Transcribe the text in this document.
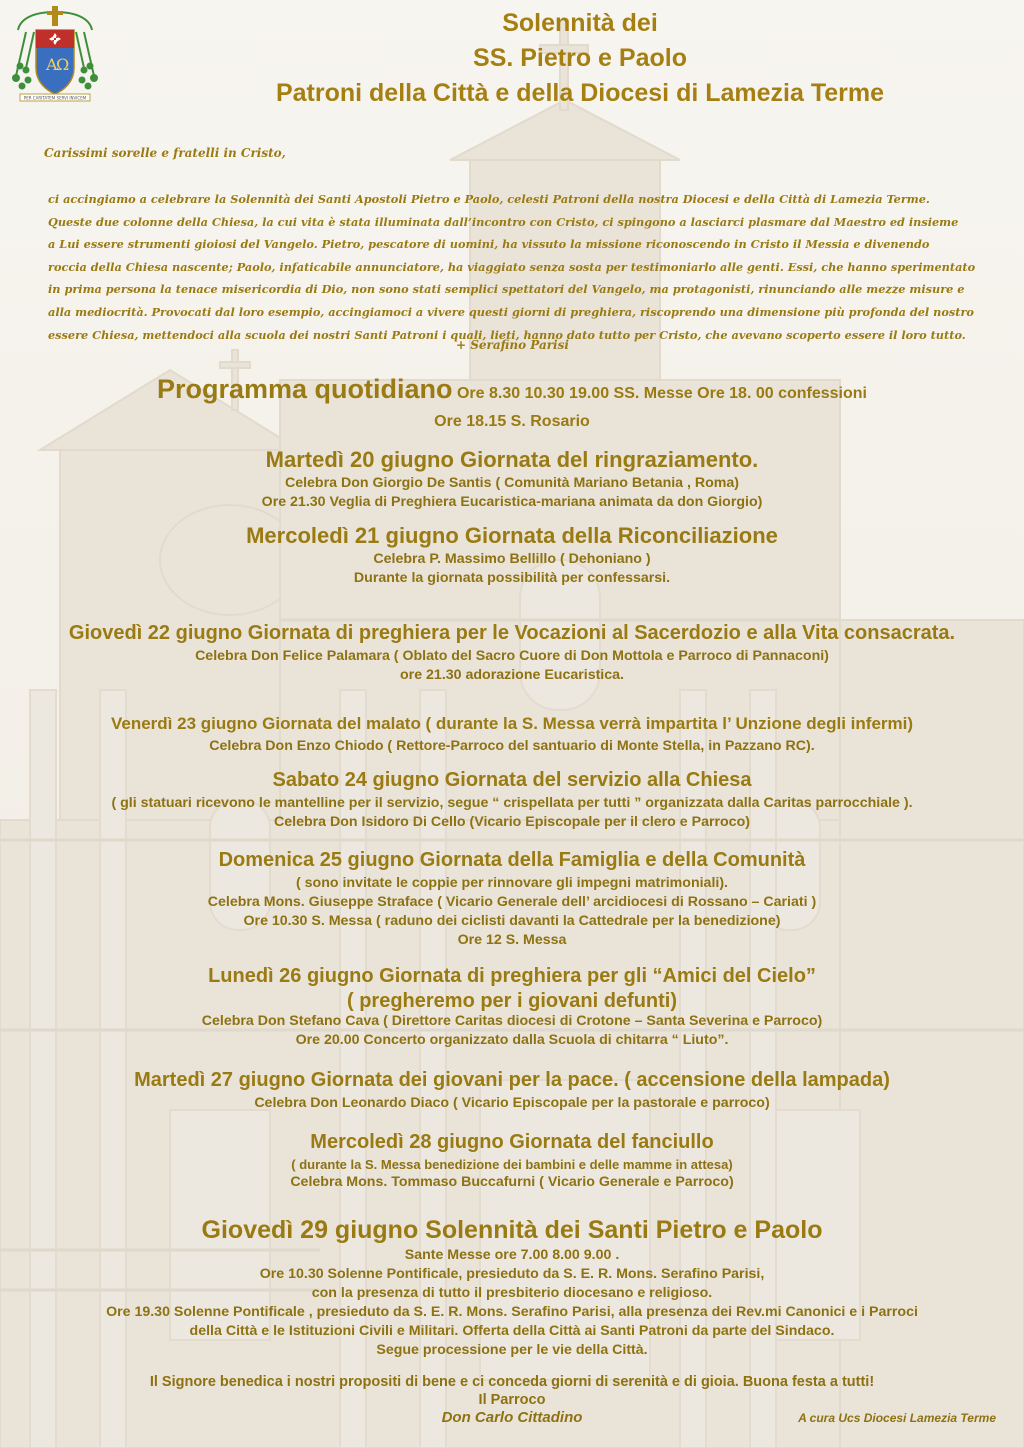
A
Ω
PER CARITATEM SERVI INVICEM
Solennità dei
SS. Pietro e Paolo
Patroni della Città e della Diocesi di Lamezia Terme
Carissimi sorelle e fratelli in Cristo,

ci accingiamo a celebrare la Solennità dei Santi Apostoli Pietro e Paolo, celesti Patroni della nostra Diocesi e della Città di Lamezia Terme.

Queste due colonne della Chiesa, la cui vita è stata illuminata dall’incontro con Cristo, ci spingono a lasciarci plasmare dal Maestro ed insieme

a Lui essere strumenti gioiosi del Vangelo. Pietro, pescatore di uomini, ha vissuto la missione riconoscendo in Cristo il Messia e divenendo

roccia della Chiesa nascente; Paolo, infaticabile annunciatore, ha viaggiato senza sosta per testimoniarlo alle genti. Essi, che hanno sperimentato

in prima persona la tenace misericordia di Dio, non sono stati semplici spettatori del Vangelo, ma protagonisti, rinunciando alle mezze misure e

alla mediocrità. Provocati dal loro esempio, accingiamoci a vivere questi giorni di preghiera, riscoprendo una dimensione più profonda del nostro

essere Chiesa, mettendoci alla scuola dei nostri Santi Patroni i quali, lieti, hanno dato tutto per Cristo, che avevano scoperto essere il loro tutto.

+ Serafino Parisi
Programma quotidiano Ore 8.30 10.30 19.00 SS. Messe Ore 18. 00 confessioni
Ore 18.15 S. Rosario
Martedì 20 giugno Giornata del ringraziamento.
Celebra Don Giorgio De Santis ( Comunità Mariano Betania , Roma)
Ore 21.30 Veglia di Preghiera Eucaristica-mariana animata da don Giorgio)
Mercoledì 21 giugno Giornata della Riconciliazione
Celebra P. Massimo Bellillo ( Dehoniano )
Durante la giornata possibilità per confessarsi.
Giovedì 22 giugno Giornata di preghiera per le Vocazioni al Sacerdozio e alla Vita consacrata.
Celebra Don Felice Palamara ( Oblato del Sacro Cuore di Don Mottola e Parroco di Pannaconi)
ore 21.30 adorazione Eucaristica.
Venerdì 23 giugno Giornata del malato ( durante la S. Messa verrà impartita l’ Unzione degli infermi)
Celebra Don Enzo Chiodo ( Rettore-Parroco del santuario di Monte Stella, in Pazzano RC).
Sabato 24 giugno Giornata del servizio alla Chiesa
( gli statuari ricevono le mantelline per il servizio, segue “ crispellata per tutti ” organizzata dalla Caritas parrocchiale ).
Celebra Don Isidoro Di Cello (Vicario Episcopale per il clero e Parroco)
Domenica 25 giugno Giornata della Famiglia e della Comunità
( sono invitate le coppie per rinnovare gli impegni matrimoniali).
Celebra Mons. Giuseppe Straface ( Vicario Generale dell’ arcidiocesi di Rossano – Cariati )
Ore 10.30 S. Messa ( raduno dei ciclisti davanti la Cattedrale per la benedizione)
Ore 12 S. Messa
Lunedì 26 giugno Giornata di preghiera per gli “Amici del Cielo”
( pregheremo per i giovani defunti)
Celebra Don Stefano Cava ( Direttore Caritas diocesi di Crotone – Santa Severina e Parroco)
Ore 20.00 Concerto organizzato dalla Scuola di chitarra “ Liuto”.
Martedì 27 giugno Giornata dei giovani per la pace. ( accensione della lampada)
Celebra Don Leonardo Diaco ( Vicario Episcopale per la pastorale e parroco)
Mercoledì 28 giugno Giornata del fanciullo
( durante la S. Messa benedizione dei bambini e delle mamme in attesa)
Celebra Mons. Tommaso Buccafurni ( Vicario Generale e Parroco)
Giovedì 29 giugno Solennità dei Santi Pietro e Paolo
Sante Messe ore 7.00 8.00 9.00 .
Ore 10.30 Solenne Pontificale, presieduto da S. E. R. Mons. Serafino Parisi,
con la presenza di tutto il presbiterio diocesano e religioso.
Ore 19.30 Solenne Pontificale , presieduto da S. E. R. Mons. Serafino Parisi, alla presenza dei Rev.mi Canonici e i Parroci
della Città e le Istituzioni Civili e Militari. Offerta della Città ai Santi Patroni da parte del Sindaco.
Segue processione per le vie della Città.
Il Signore benedica i nostri propositi di bene e ci conceda giorni di serenità e di gioia. Buona festa a tutti!
Il Parroco
Don Carlo Cittadino	A cura Ucs Diocesi Lamezia Terme
